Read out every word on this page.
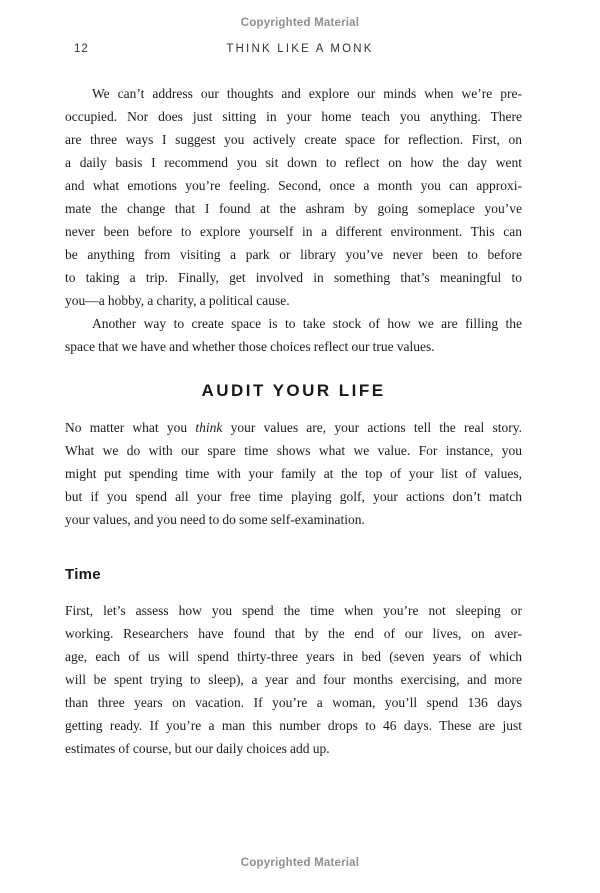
Copyrighted Material
12	THINK LIKE A MONK
We can’t address our thoughts and explore our minds when we’re pre-
occupied. Nor does just sitting in your home teach you anything. There
are three ways I suggest you actively create space for reflection. First, on
a daily basis I recommend you sit down to reflect on how the day went
and what emotions you’re feeling. Second, once a month you can approxi-
mate the change that I found at the ashram by going someplace you’ve
never been before to explore yourself in a different environment. This can
be anything from visiting a park or library you’ve never been to before
to taking a trip. Finally, get involved in something that’s meaningful to
you—a hobby, a charity, a political cause.
Another way to create space is to take stock of how we are filling the
space that we have and whether those choices reflect our true values.
AUDIT YOUR LIFE
No matter what you think your values are, your actions tell the real story.
What we do with our spare time shows what we value. For instance, you
might put spending time with your family at the top of your list of values,
but if you spend all your free time playing golf, your actions don’t match
your values, and you need to do some self-examination.
Time
First, let’s assess how you spend the time when you’re not sleeping or
working. Researchers have found that by the end of our lives, on aver-
age, each of us will spend thirty-three years in bed (seven years of which
will be spent trying to sleep), a year and four months exercising, and more
than three years on vacation. If you’re a woman, you’ll spend 136 days
getting ready. If you’re a man this number drops to 46 days. These are just
estimates of course, but our daily choices add up.
Copyrighted Material
